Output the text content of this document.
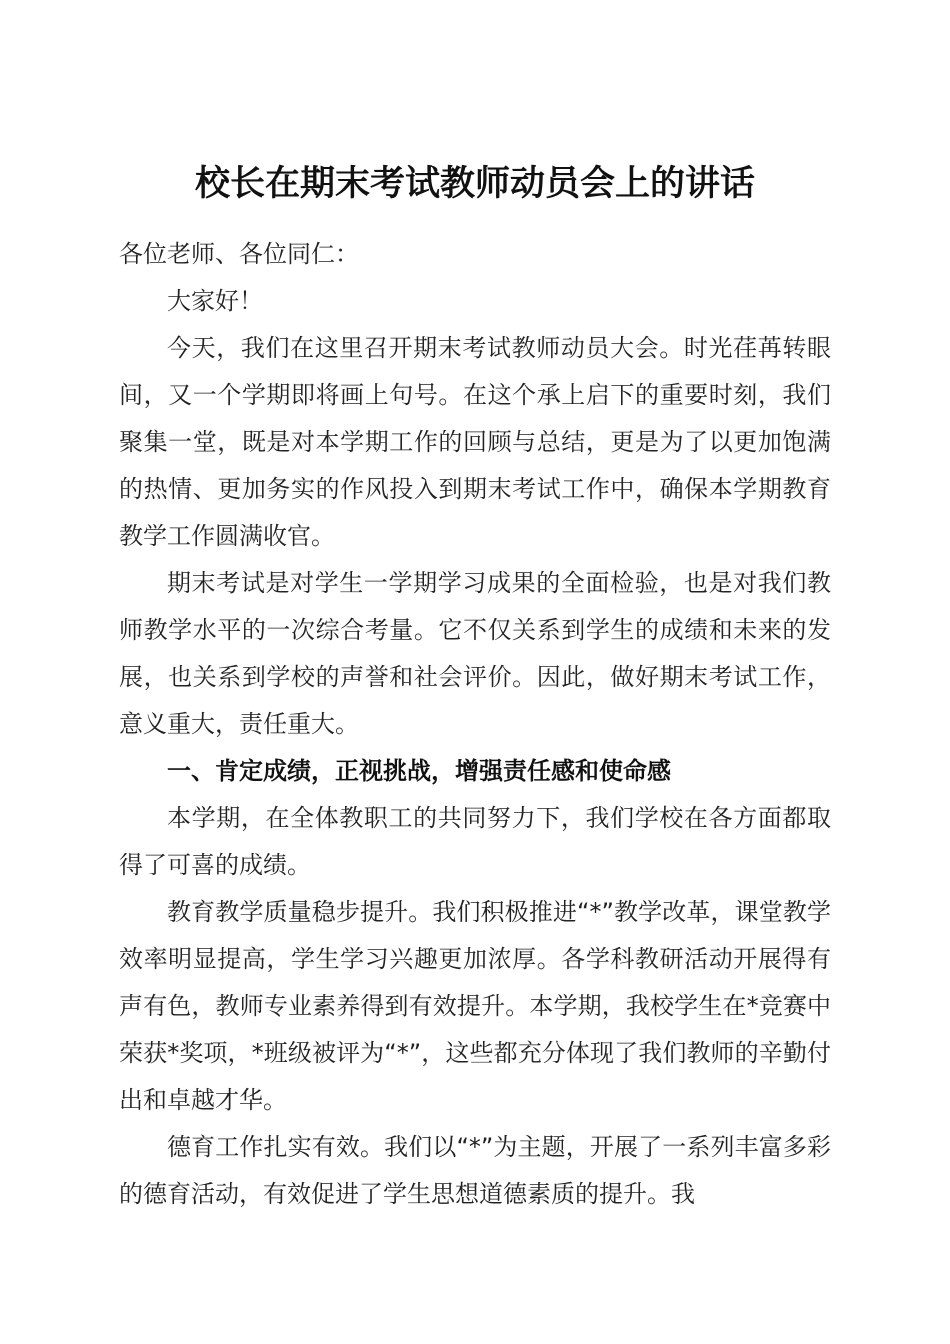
校长在期末考试教师动员会上的讲话

各位老师、各位同仁：

大家好！

今天，我们在这里召开期末考试教师动员大会。时光荏苒转眼间，又一个学期即将画上句号。在这个承上启下的重要时刻，我们聚集一堂，既是对本学期工作的回顾与总结，更是为了以更加饱满的热情、更加务实的作风投入到期末考试工作中，确保本学期教育教学工作圆满收官。

期末考试是对学生一学期学习成果的全面检验，也是对我们教师教学水平的一次综合考量。它不仅关系到学生的成绩和未来的发展，也关系到学校的声誉和社会评价。因此，做好期末考试工作，意义重大，责任重大。

一、肯定成绩，正视挑战，增强责任感和使命感

本学期，在全体教职工的共同努力下，我们学校在各方面都取得了可喜的成绩。

教育教学质量稳步提升。我们积极推进“*”教学改革，课堂教学效率明显提高，学生学习兴趣更加浓厚。各学科教研活动开展得有声有色，教师专业素养得到有效提升。本学期，我校学生在*竞赛中荣获*奖项，*班级被评为“*”，这些都充分体现了我们教师的辛勤付出和卓越才华。

德育工作扎实有效。我们以“*”为主题，开展了一系列丰富多彩的德育活动，有效促进了学生思想道德素质的提升。我
